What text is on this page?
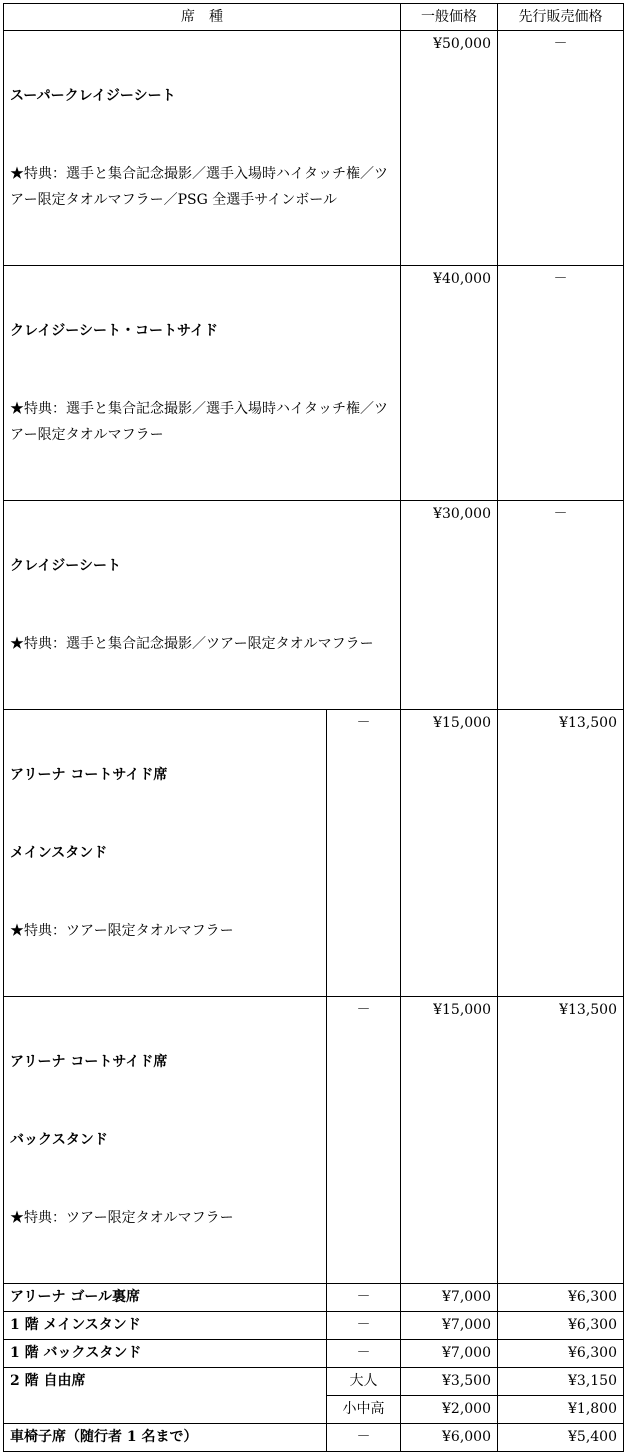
席　種		一般価格	先行販売価格

スーパークレイジーシート

★特典：選手と集合記念撮影／選手入場時ハイタッチ権／ツアー限定タオルマフラー／PSG 全選手サインボール		¥50,000	－

クレイジーシート・コートサイド

★特典：選手と集合記念撮影／選手入場時ハイタッチ権／ツアー限定タオルマフラー		¥40,000	－

クレイジーシート

★特典：選手と集合記念撮影／ツアー限定タオルマフラー		¥30,000	－

アリーナ コートサイド席

メインスタンド

★特典：ツアー限定タオルマフラー	－	¥15,000	¥13,500

アリーナ コートサイド席

バックスタンド

★特典：ツアー限定タオルマフラー	－	¥15,000	¥13,500
アリーナ ゴール裏席	－	¥7,000	¥6,300
1 階 メインスタンド	－	¥7,000	¥6,300
1 階 バックスタンド	－	¥7,000	¥6,300
2 階 自由席	大人	¥3,500	¥3,150
	小中高	¥2,000	¥1,800
車椅子席（随行者 1 名まで）	－	¥6,000	¥5,400
